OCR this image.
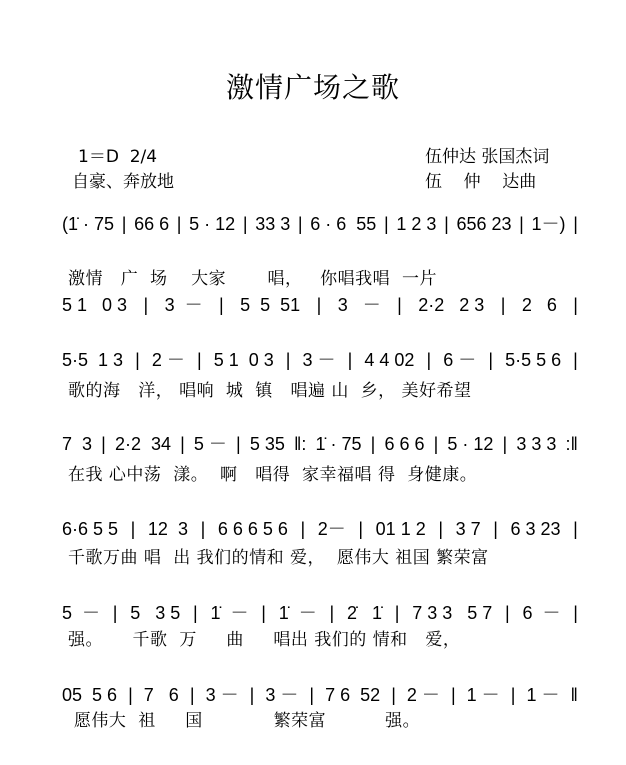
激情广场之歌
1＝D  2/4
自豪、奔放地
伍仲达 张国杰词
伍    仲    达曲
(1̇ · 75 | 66 6 | 5 · 12 | 33 3 | 6 · 6  55 | 1 2 3 | 656 23 | 1－) |
5 1   0 3 | 3  － | 5  5  51 | 3   － | 2·2   2 3 | 2   6 |
激情   广  场    大家       唱，   你唱我唱  一片
5·5  1 3 | 2 － | 5 1  0 3 | 3 － | 4 4 02 | 6 － | 5·5 5 6 |
歌的海   洋， 唱响  城  镇   唱遍 山  乡， 美好希望
7  3 | 2·2  34 | 5 － | 5 35 ‖: 1̇ · 75 | 6 6 6 | 5 · 12 | 3 3 3 :‖
在我 心中荡  漾。  啊   唱得  家幸福唱 得  身健康。
6·6 5 5 | 12  3 | 6 6 6 5 6 | 2－ | 01 1 2 | 3 7 | 6 3 23 |
千歌万曲 唱  出 我们的情和 爱，  愿伟大 祖国 繁荣富
5  － | 5   3 5 | 1̇  － | 1̇  － | 2̇   1̇ | 7 3 3   5 7 | 6  － |
强。     千歌  万     曲     唱出 我们的 情和   爱，
05  5 6 | 7   6 | 3 － | 3 － | 7 6  52 | 2 － | 1 － | 1 － ‖
愿伟大  祖     国            繁荣富          强。
